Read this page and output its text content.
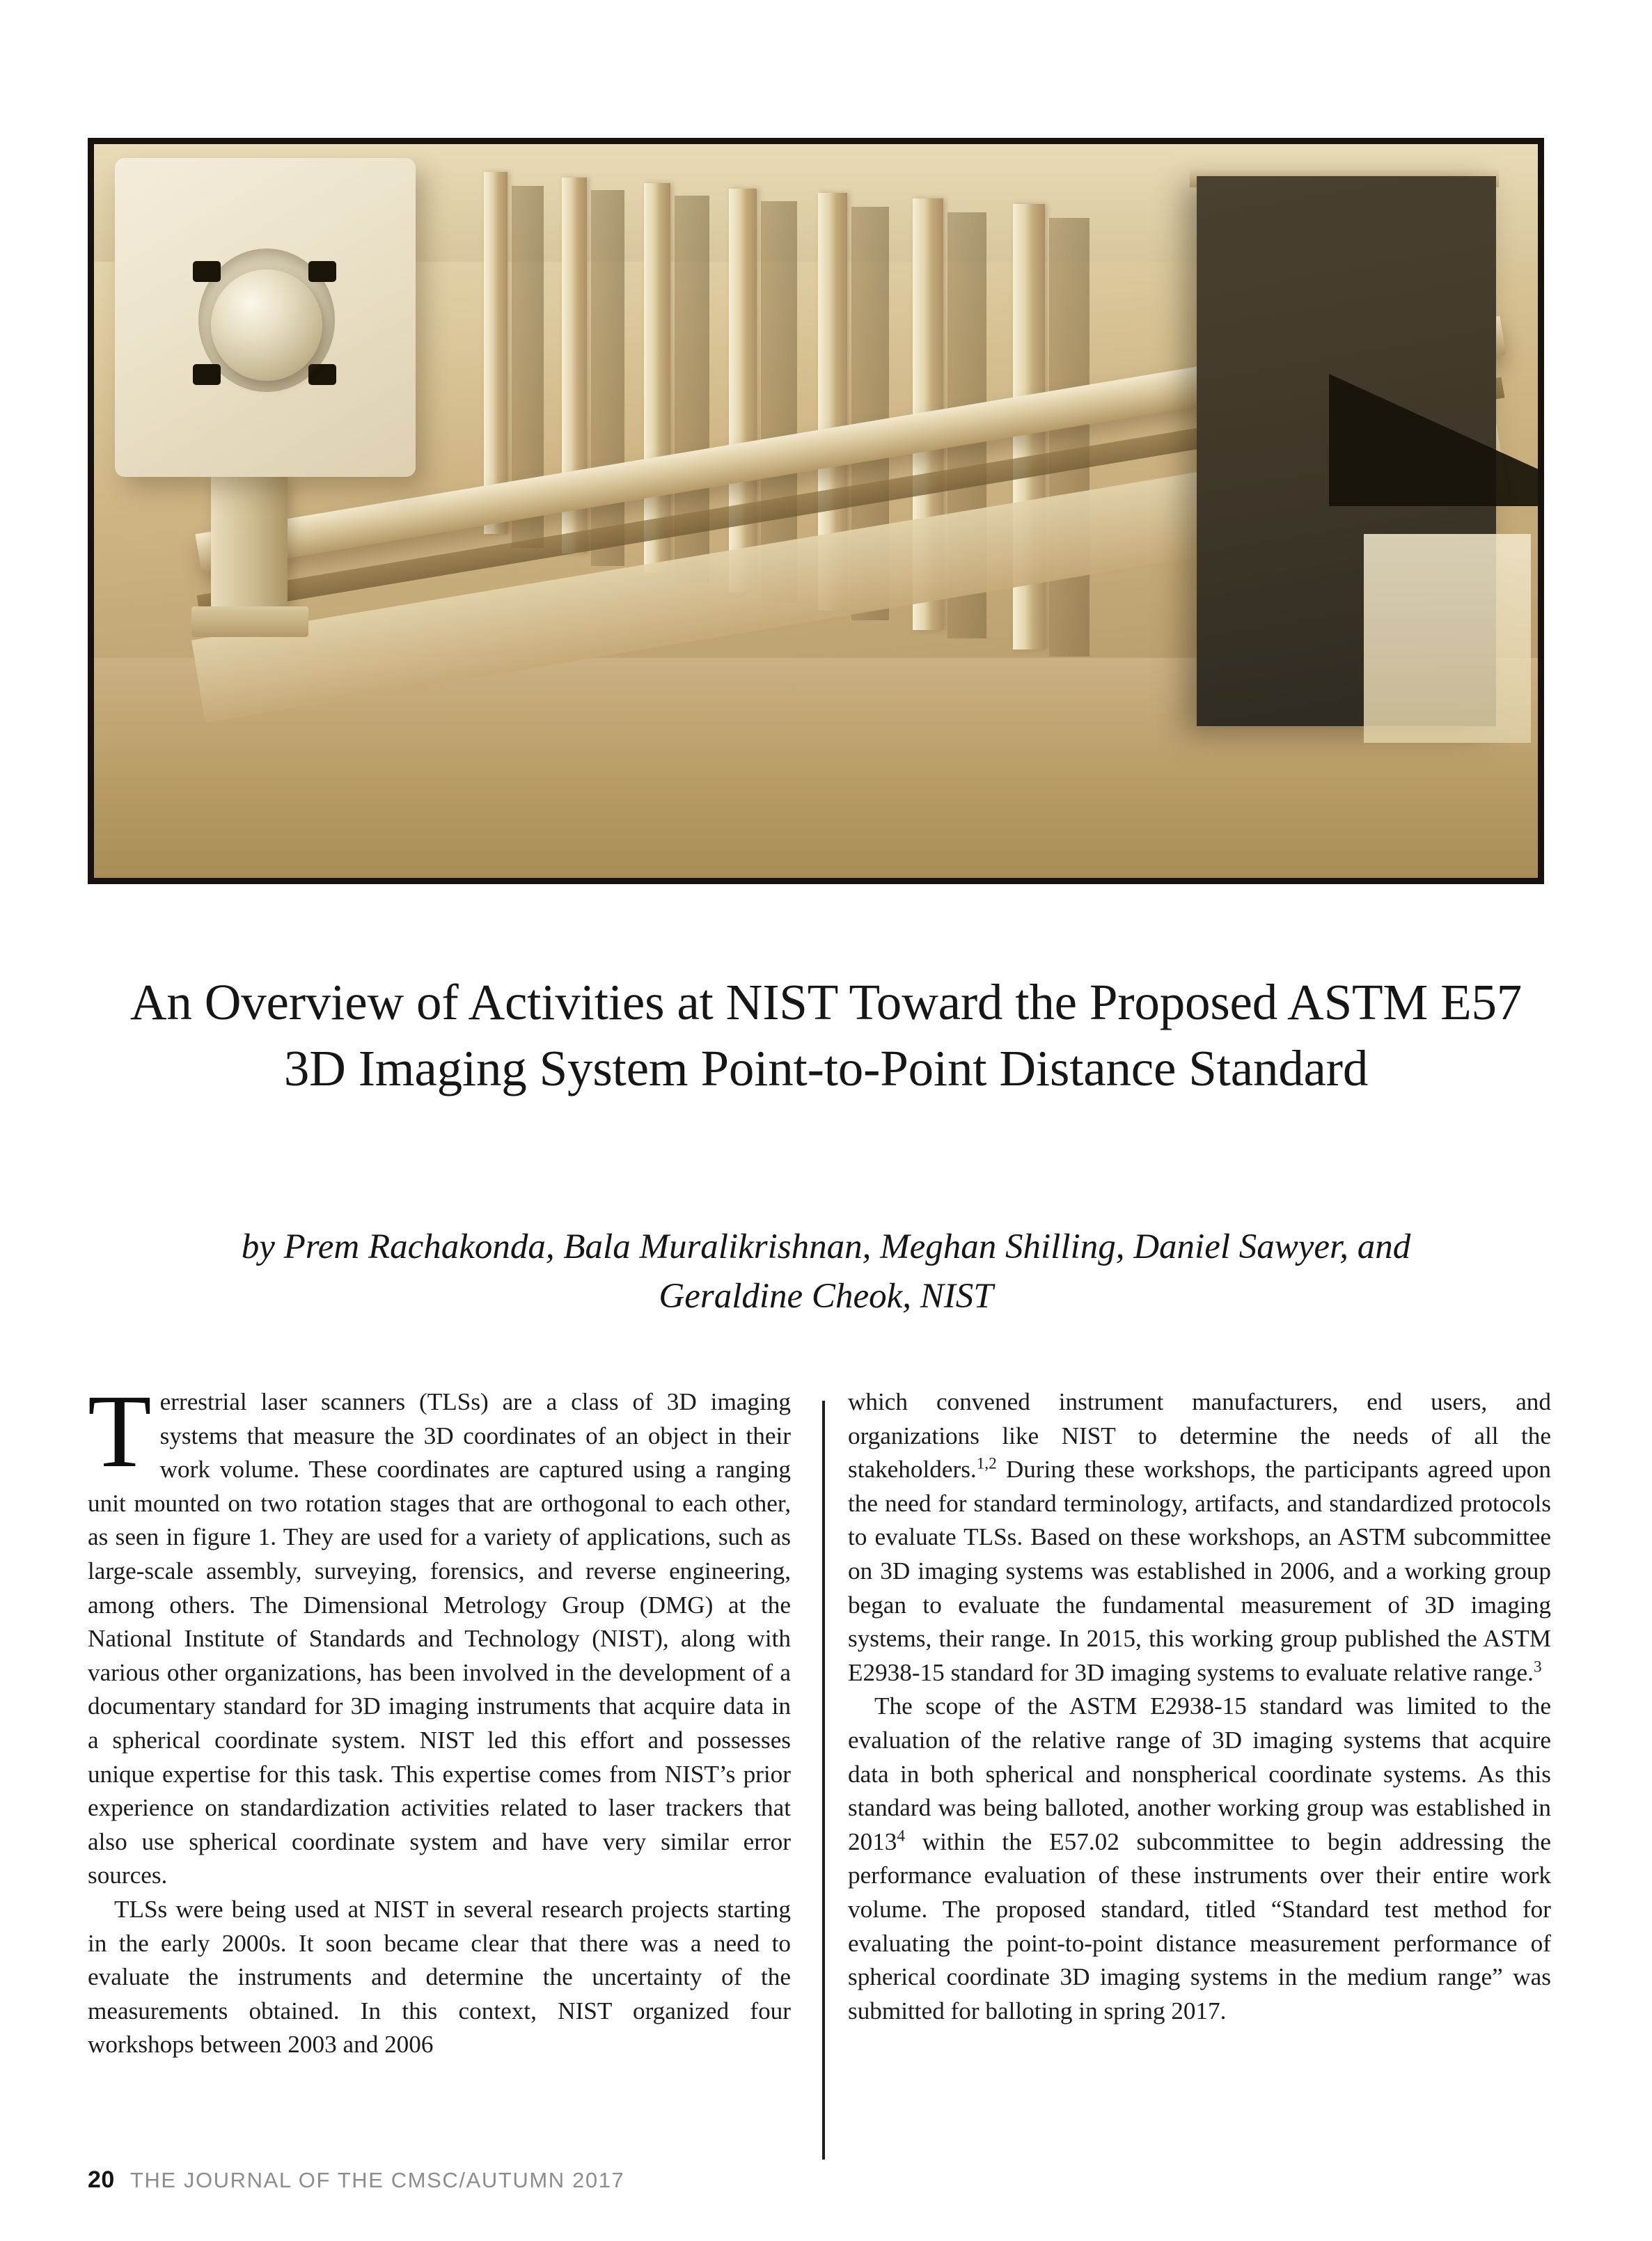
An Overview of Activities at NIST Toward the Proposed ASTM E57 3D Imaging System Point-to-Point Distance Standard
by Prem Rachakonda, Bala Muralikrishnan, Meghan Shilling, Daniel Sawyer, and Geraldine Cheok, NIST

Terrestrial laser scanners (TLSs) are a class of 3D imaging systems that measure the 3D coordinates of an object in their work volume. These coordinates are captured using a ranging unit mounted on two rotation stages that are orthogonal to each other, as seen in figure 1. They are used for a variety of applications, such as large-scale assembly, surveying, forensics, and reverse engineering, among others. The Dimensional Metrology Group (DMG) at the National Institute of Standards and Technology (NIST), along with various other organizations, has been involved in the development of a documentary standard for 3D imaging instruments that acquire data in a spherical coordinate system. NIST led this effort and possesses unique expertise for this task. This expertise comes from NIST’s prior experience on standardization activities related to laser trackers that also use spherical coordinate system and have very similar error sources.

TLSs were being used at NIST in several research projects starting in the early 2000s. It soon became clear that there was a need to evaluate the instruments and determine the uncertainty of the measurements obtained. In this context, NIST organized four workshops between 2003 and 2006

which convened instrument manufacturers, end users, and organizations like NIST to determine the needs of all the stakeholders.$^{1,2}$ During these workshops, the participants agreed upon the need for standard terminology, artifacts, and standardized protocols to evaluate TLSs. Based on these workshops, an ASTM subcommittee on 3D imaging systems was established in 2006, and a working group began to evaluate the fundamental measurement of 3D imaging systems, their range. In 2015, this working group published the ASTM E2938-15 standard for 3D imaging systems to evaluate relative range.$^3$

The scope of the ASTM E2938-15 standard was limited to the evaluation of the relative range of 3D imaging systems that acquire data in both spherical and nonspherical coordinate systems. As this standard was being balloted, another working group was established in 2013$^4$ within the E57.02 subcommittee to begin addressing the performance evaluation of these instruments over their entire work volume. The proposed standard, titled “Standard test method for evaluating the point-to-point distance measurement performance of spherical coordinate 3D imaging systems in the medium range” was submitted for balloting in spring 2017.

20 THE JOURNAL OF THE CMSC/AUTUMN 2017
